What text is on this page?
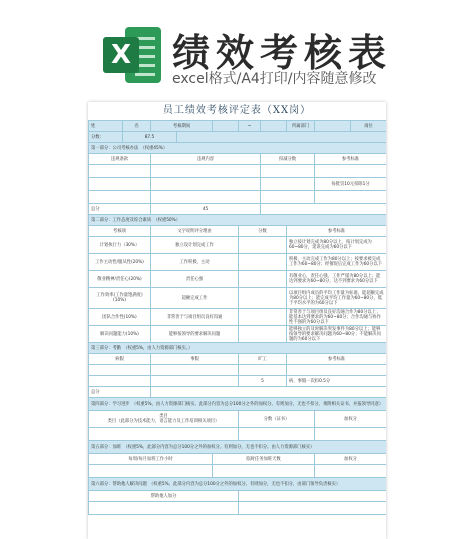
X 绩效考核表
excel格式/A4打印/内容随意修改
员工绩效考核评定表（XX岗）
姓	名	考核期间			~		所属部门		岗位
分数:	87.5								
第一部分：公司考核办法　（权重45%）									
违规条款		违规内容				扣减分数		参考标准	

								每批罚10元扣除1分	

总分		45							
第二部分：工作态度及综合素质　（权重50%）									
考核项		文字说明评分理由			分数		参考标准		
计划执行力（30%）		独立设计划完成工作					独立按计划完成为80分以上，按计划完成为60~80分，延误完成为60分以下		
工作主动性/服从性(20%)		工作积极、主动					积极、主动完成工作为80分以上；按要求被完成工作为60~80分；经催促后完成工作为60分以下		
敬业精神/责任心(20%)		责任心强					有敬业心，责任心强，工作严谨为80分以上；能达到要求为60~80分，达不到要求为60分以下		
工作效率(工作量饱满度)(10%)		超额完成工作					以项目组内成员的平均工作量为标准，能超额完成为80分以上；能完成平均工作量为60~80分，低于平均水平的为60分以下		
团队合作性(10%)		非常善于与项目组员良好沟通					非常善于与项目组员良好沟通合作为80分以上；能基本达到要求的为60~80分；合作沟通与协作性不强的为60分以下		
解决问题能力(10%)		能够按领导的要求解决问题					能够独立的及时解决突发事件为80分以上；能够按领导的要求解决问题为60~80分；不能解决问题的为60分以下		
第三部分：考勤　（权重5%，由人力资源部门核实。）									
病假		事假			旷工		参考标准		

					5		病、事假一次扣0.5分		
总分									
第四部分：学习进步　（权重5%，由人力资源部门核实。此部分内容为总分100分之外的加权分。有则加分，无也不扣分，须附相关证书，并报领导同意）									
类目
类目（此部分为技术能力、语言能力及工作培训相关项目）					分数（证书）			加权分	

第五部分：加班　（权重5%，此部分内容为总分100分之外的加权分。有则加分，无也不扣分。由人力资源部门核实）									
每周/每月加班工作小时				临时任务加班天数				加权分	

第六部分：帮助他人解决问题　（权重5%，此部分内容为总分100分之外的加权分。有则加分，无也不扣分，由部门领导负责核实）									
帮助他人加分									
